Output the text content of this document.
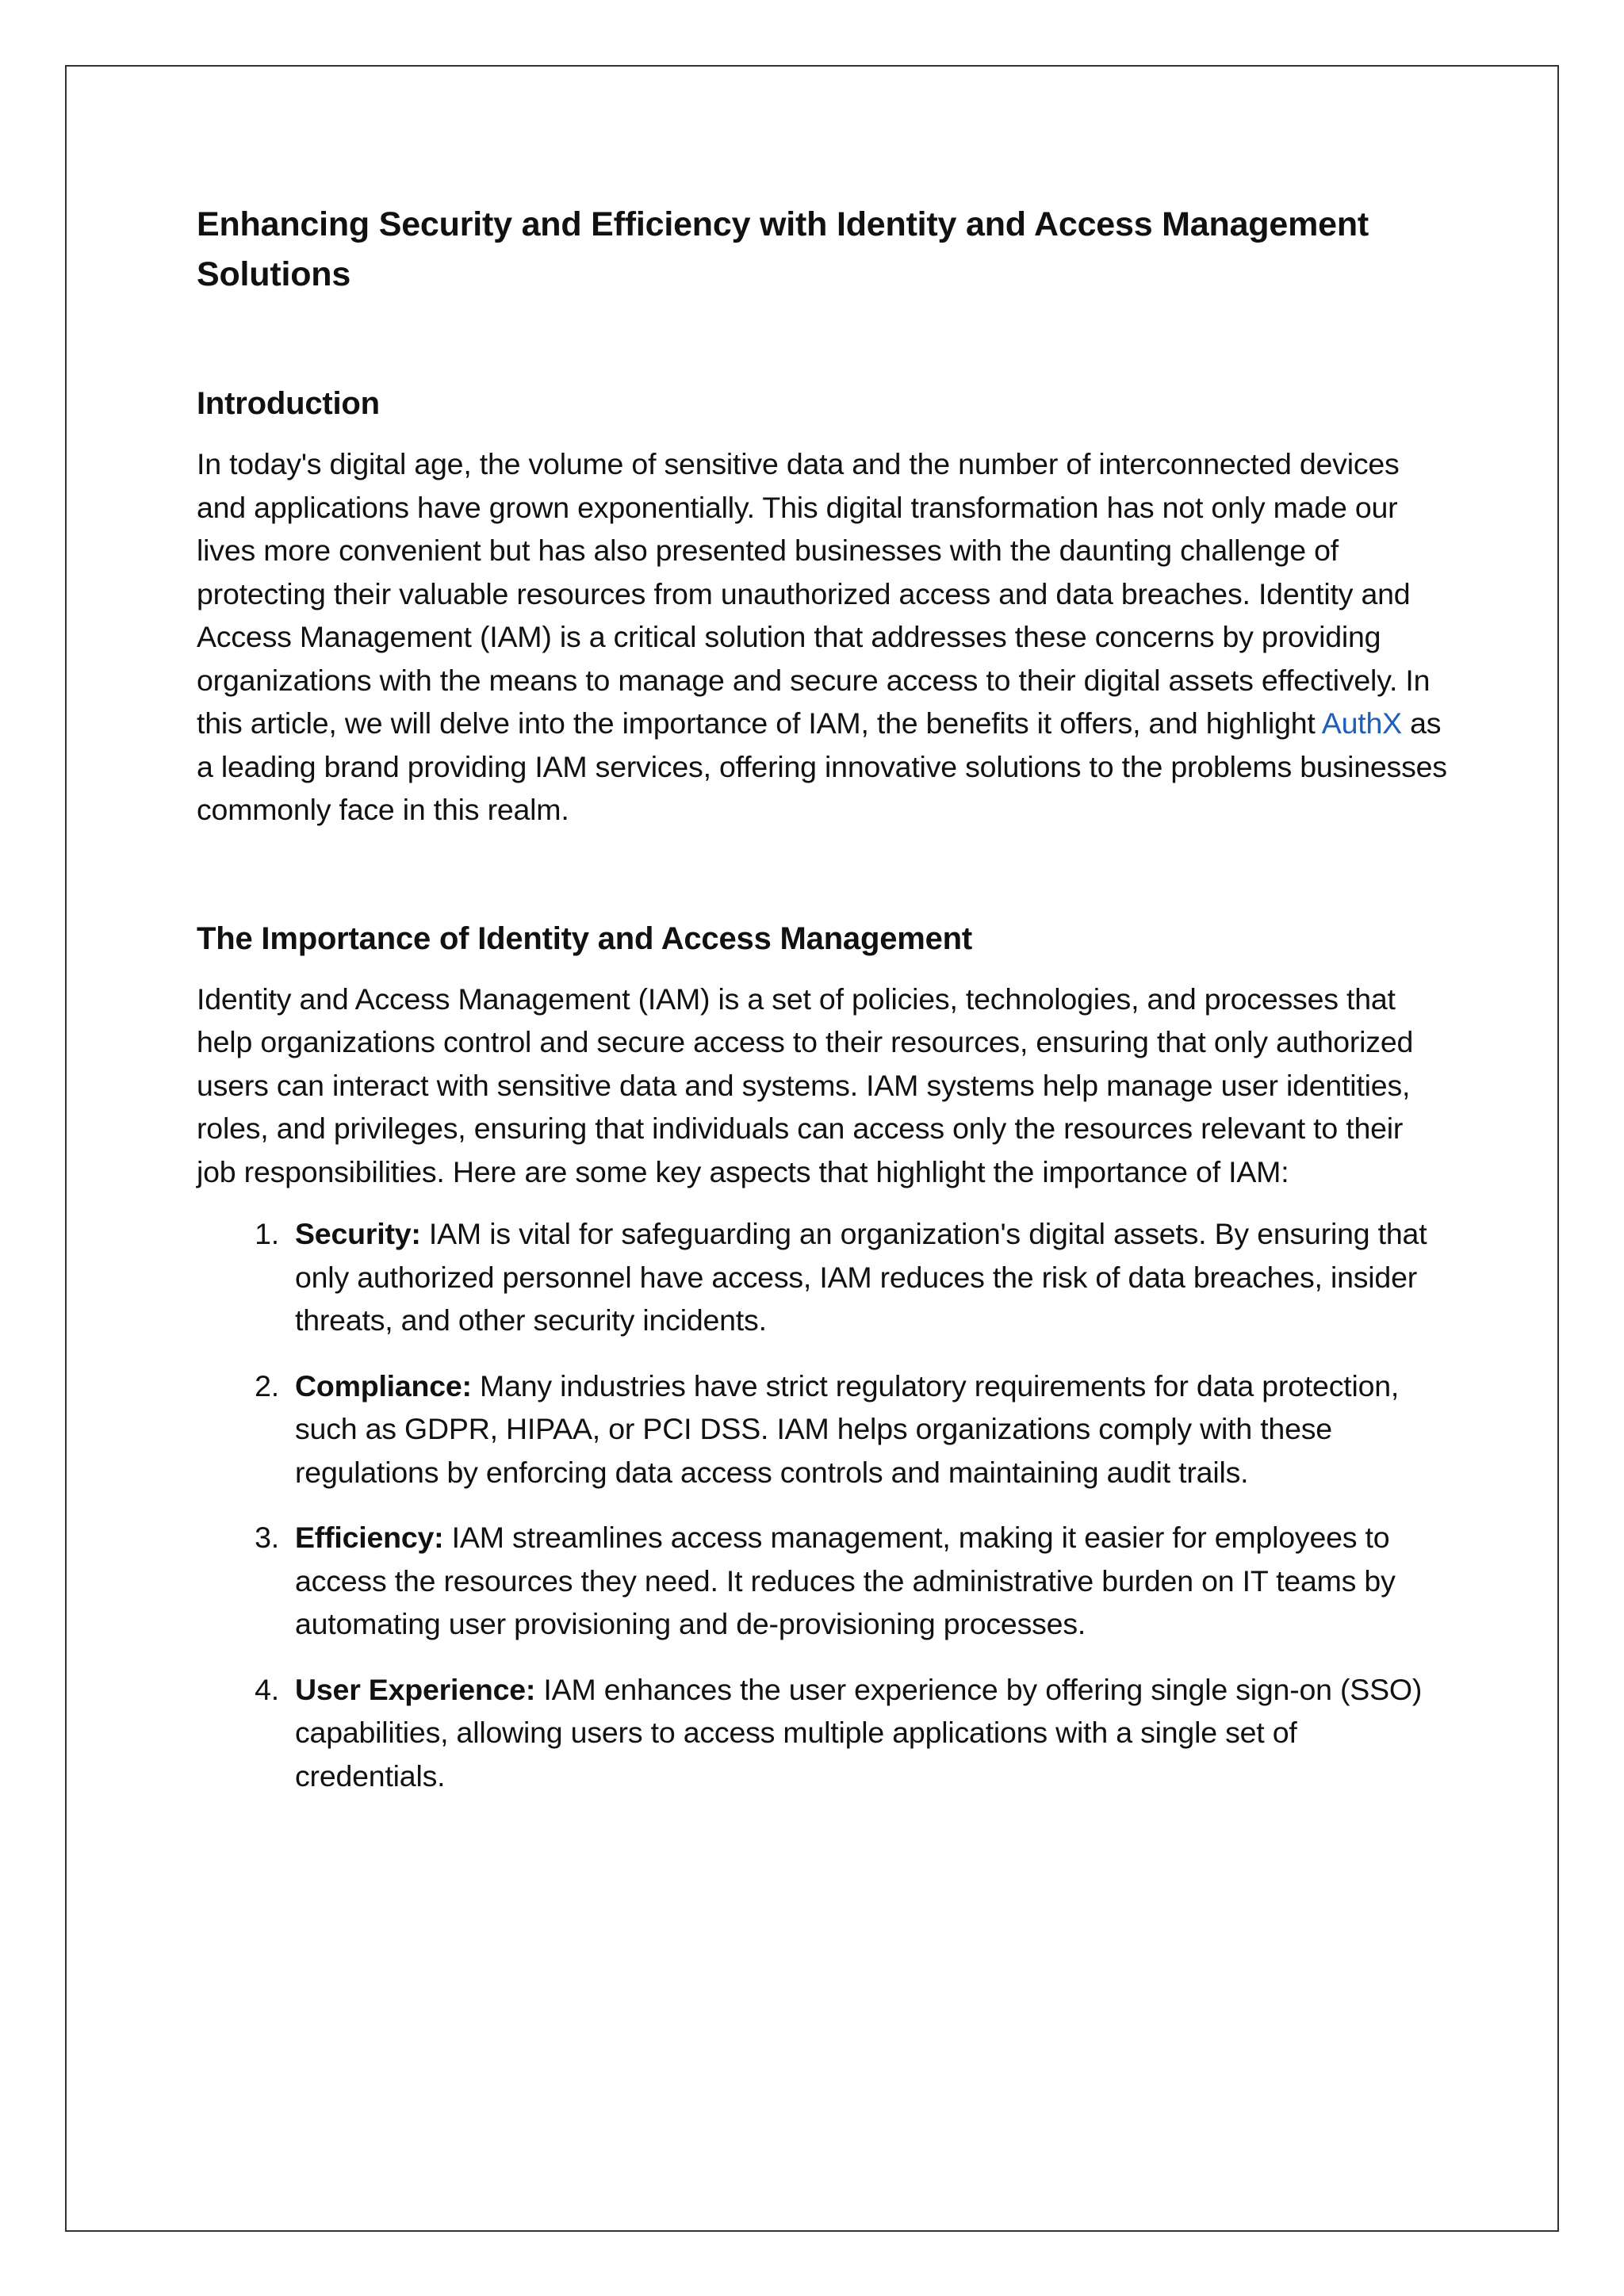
Enhancing Security and Efficiency with Identity and Access Management Solutions
Introduction

In today's digital age, the volume of sensitive data and the number of interconnected devices and applications have grown exponentially. This digital transformation has not only made our lives more convenient but has also presented businesses with the daunting challenge of protecting their valuable resources from unauthorized access and data breaches. Identity and Access Management (IAM) is a critical solution that addresses these concerns by providing organizations with the means to manage and secure access to their digital assets effectively. In this article, we will delve into the importance of IAM, the benefits it offers, and highlight AuthX as a leading brand providing IAM services, offering innovative solutions to the problems businesses commonly face in this realm.

The Importance of Identity and Access Management

Identity and Access Management (IAM) is a set of policies, technologies, and processes that help organizations control and secure access to their resources, ensuring that only authorized users can interact with sensitive data and systems. IAM systems help manage user identities, roles, and privileges, ensuring that individuals can access only the resources relevant to their job responsibilities. Here are some key aspects that highlight the importance of IAM:

1. Security: IAM is vital for safeguarding an organization's digital assets. By ensuring that only authorized personnel have access, IAM reduces the risk of data breaches, insider threats, and other security incidents.
2. Compliance: Many industries have strict regulatory requirements for data protection, such as GDPR, HIPAA, or PCI DSS. IAM helps organizations comply with these regulations by enforcing data access controls and maintaining audit trails.
3. Efficiency: IAM streamlines access management, making it easier for employees to access the resources they need. It reduces the administrative burden on IT teams by automating user provisioning and de-provisioning processes.
4. User Experience: IAM enhances the user experience by offering single sign-on (SSO) capabilities, allowing users to access multiple applications with a single set of credentials.
